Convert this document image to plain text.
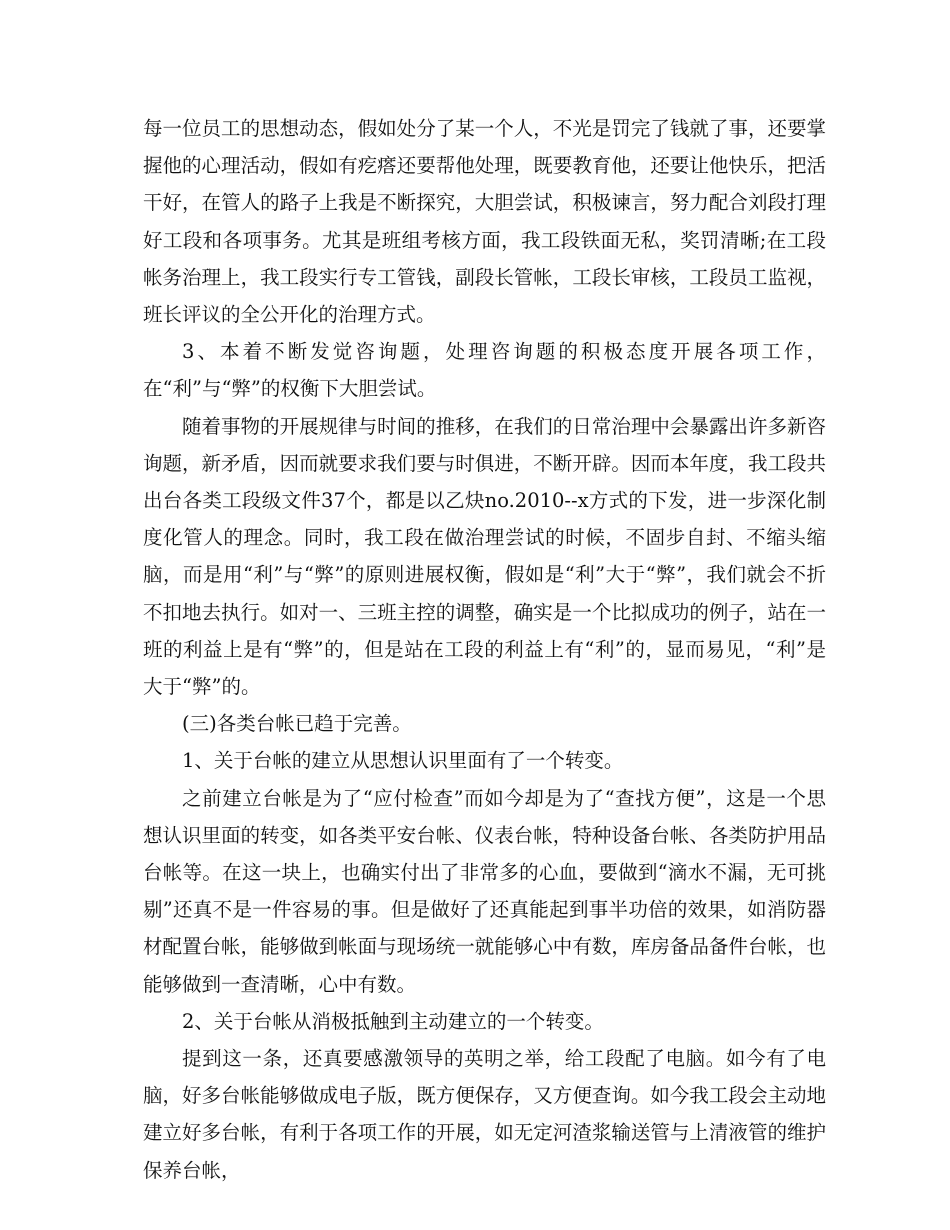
每一位员工的思想动态，假如处分了某一个人，不光是罚完了钱就了事，还要掌握他的心理活动，假如有疙瘩还要帮他处理，既要教育他，还要让他快乐，把活干好，在管人的路子上我是不断探究，大胆尝试，积极谏言，努力配合刘段打理好工段和各项事务。尤其是班组考核方面，我工段铁面无私，奖罚清晰;在工段帐务治理上，我工段实行专工管钱，副段长管帐，工段长审核，工段员工监视，班长评议的全公开化的治理方式。

3、本着不断发觉咨询题，处理咨询题的积极态度开展各项工作，在“利”与“弊”的权衡下大胆尝试。

随着事物的开展规律与时间的推移，在我们的日常治理中会暴露出许多新咨询题，新矛盾，因而就要求我们要与时俱进，不断开辟。因而本年度，我工段共出台各类工段级文件37个，都是以乙炔no.2010--x方式的下发，进一步深化制度化管人的理念。同时，我工段在做治理尝试的时候，不固步自封、不缩头缩脑，而是用“利”与“弊”的原则进展权衡，假如是“利”大于“弊”，我们就会不折不扣地去执行。如对一、三班主控的调整，确实是一个比拟成功的例子，站在一班的利益上是有“弊”的，但是站在工段的利益上有“利”的，显而易见，“利”是大于“弊”的。

(三)各类台帐已趋于完善。

1、关于台帐的建立从思想认识里面有了一个转变。

之前建立台帐是为了“应付检查”而如今却是为了“查找方便”，这是一个思想认识里面的转变，如各类平安台帐、仪表台帐，特种设备台帐、各类防护用品台帐等。在这一块上，也确实付出了非常多的心血，要做到“滴水不漏，无可挑剔”还真不是一件容易的事。但是做好了还真能起到事半功倍的效果，如消防器材配置台帐，能够做到帐面与现场统一就能够心中有数，库房备品备件台帐，也能够做到一查清晰，心中有数。

2、关于台帐从消极抵触到主动建立的一个转变。

提到这一条，还真要感激领导的英明之举，给工段配了电脑。如今有了电脑，好多台帐能够做成电子版，既方便保存，又方便查询。如今我工段会主动地建立好多台帐，有利于各项工作的开展，如无定河渣浆输送管与上清液管的维护保养台帐，
